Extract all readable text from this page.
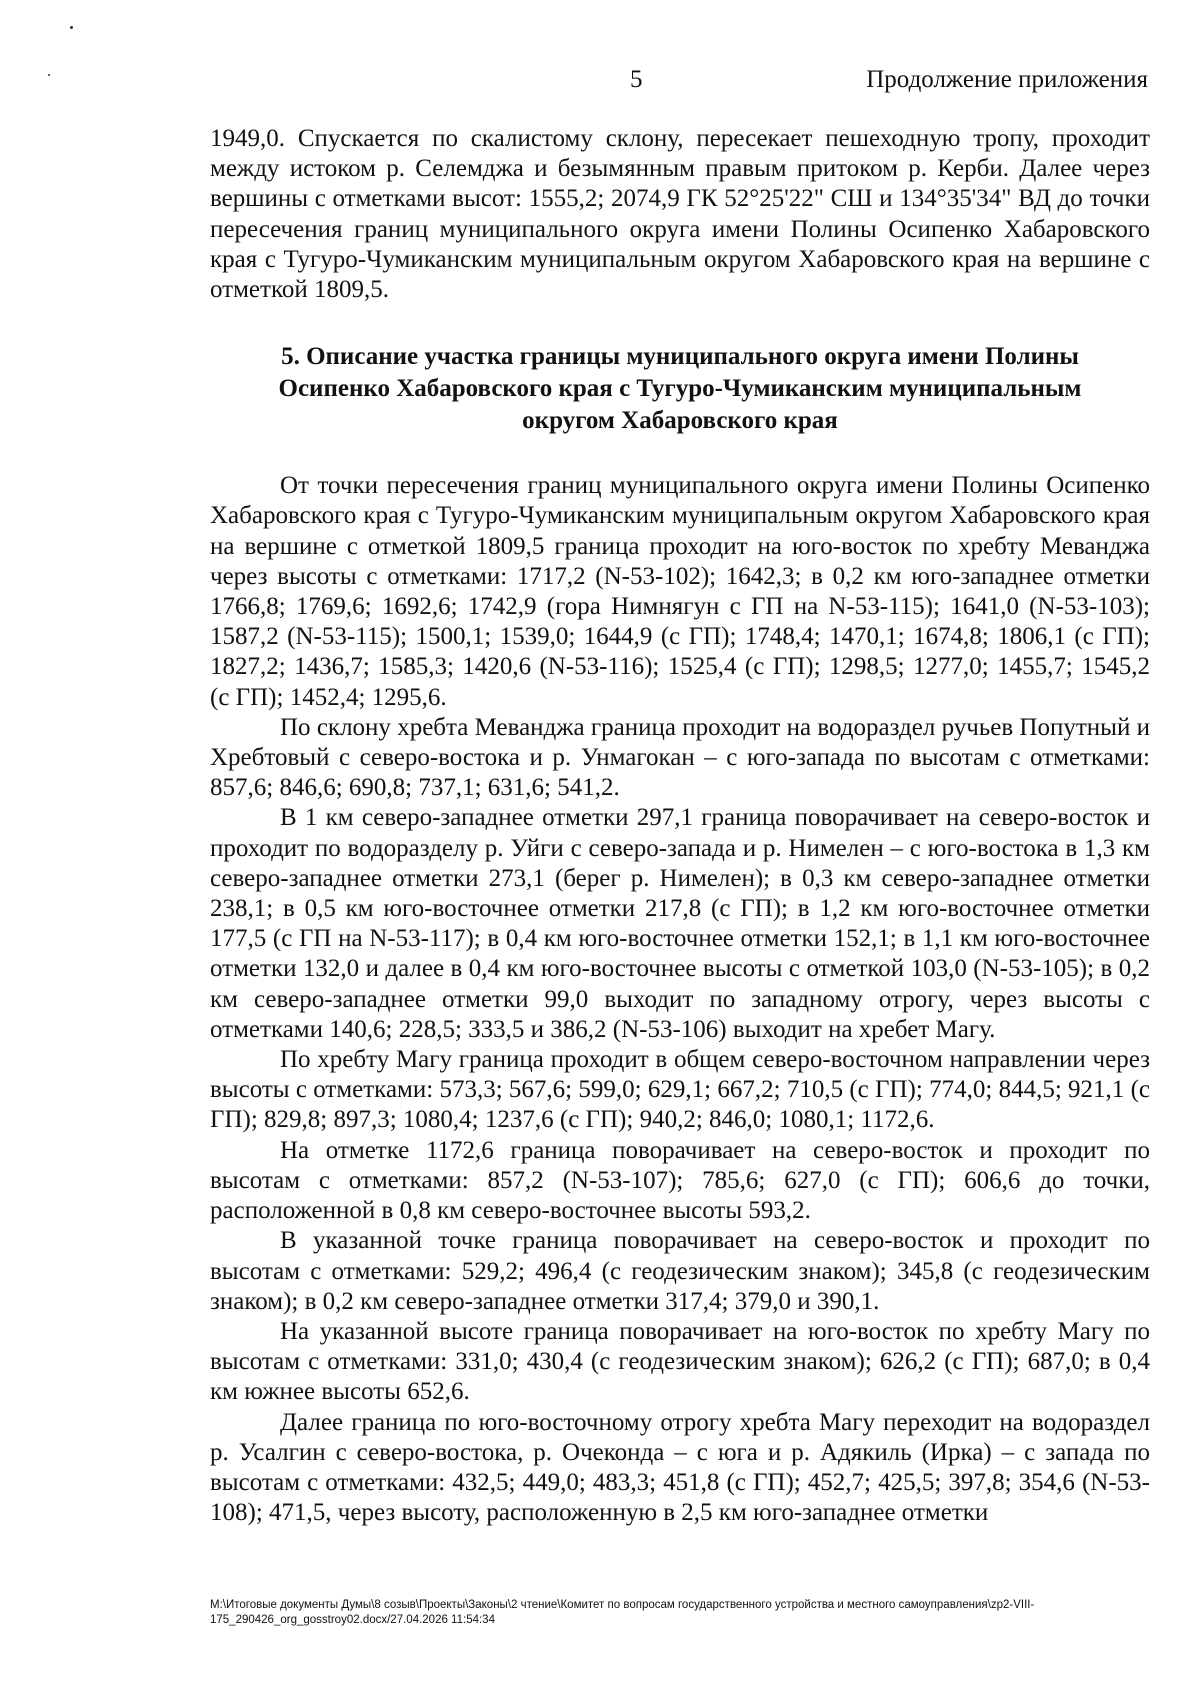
5	Продолжение приложения

1949,0. Спускается по скалистому склону, пересекает пешеходную тропу, проходит между истоком р. Селемджа и безымянным правым притоком р. Керби. Далее через вершины с отметками высот: 1555,2; 2074,9 ГК 52°25'22" СШ и 134°35'34" ВД до точки пересечения границ муниципального округа имени Полины Осипенко Хабаровского края с Тугуро-Чумиканским муниципальным округом Хабаровского края на вершине с отметкой 1809,5.

5. Описание участка границы муниципального округа имени Полины Осипенко Хабаровского края с Тугуро-Чумиканским муниципальным округом Хабаровского края

От точки пересечения границ муниципального округа имени Полины Осипенко Хабаровского края с Тугуро-Чумиканским муниципальным округом Хабаровского края на вершине с отметкой 1809,5 граница проходит на юго-восток по хребту Меванджа через высоты с отметками: 1717,2 (N-53-102); 1642,3; в 0,2 км юго-западнее отметки 1766,8; 1769,6; 1692,6; 1742,9 (гора Нимнягун с ГП на N-53-115); 1641,0 (N-53-103); 1587,2 (N-53-115); 1500,1; 1539,0; 1644,9 (с ГП); 1748,4; 1470,1; 1674,8; 1806,1 (с ГП); 1827,2; 1436,7; 1585,3; 1420,6 (N-53-116); 1525,4 (с ГП); 1298,5; 1277,0; 1455,7; 1545,2 (с ГП); 1452,4; 1295,6.

По склону хребта Меванджа граница проходит на водораздел ручьев Попутный и Хребтовый с северо-востока и р. Унмагокан – с юго-запада по высотам с отметками: 857,6; 846,6; 690,8; 737,1; 631,6; 541,2.

В 1 км северо-западнее отметки 297,1 граница поворачивает на северо-восток и проходит по водоразделу р. Уйги с северо-запада и р. Нимелен – с юго-востока в 1,3 км северо-западнее отметки 273,1 (берег р. Нимелен); в 0,3 км северо-западнее отметки 238,1; в 0,5 км юго-восточнее отметки 217,8 (с ГП); в 1,2 км юго-восточнее отметки 177,5 (с ГП на N-53-117); в 0,4 км юго-восточнее отметки 152,1; в 1,1 км юго-восточнее отметки 132,0 и далее в 0,4 км юго-восточнее высоты с отметкой 103,0 (N-53-105); в 0,2 км северо-западнее отметки 99,0 выходит по западному отрогу, через высоты с отметками 140,6; 228,5; 333,5 и 386,2 (N-53-106) выходит на хребет Магу.

По хребту Магу граница проходит в общем северо-восточном направлении через высоты с отметками: 573,3; 567,6; 599,0; 629,1; 667,2; 710,5 (с ГП); 774,0; 844,5; 921,1 (с ГП); 829,8; 897,3; 1080,4; 1237,6 (с ГП); 940,2; 846,0; 1080,1; 1172,6.

На отметке 1172,6 граница поворачивает на северо-восток и проходит по высотам с отметками: 857,2 (N-53-107); 785,6; 627,0 (с ГП); 606,6 до точки, расположенной в 0,8 км северо-восточнее высоты 593,2.

В указанной точке граница поворачивает на северо-восток и проходит по высотам с отметками: 529,2; 496,4 (с геодезическим знаком); 345,8 (с геодезическим знаком); в 0,2 км северо-западнее отметки 317,4; 379,0 и 390,1.

На указанной высоте граница поворачивает на юго-восток по хребту Магу по высотам с отметками: 331,0; 430,4 (с геодезическим знаком); 626,2 (с ГП); 687,0; в 0,4 км южнее высоты 652,6.

Далее граница по юго-восточному отрогу хребта Магу переходит на водораздел р. Усалгин с северо-востока, р. Очеконда – с юга и р. Адякиль (Ирка) – с запада по высотам с отметками: 432,5; 449,0; 483,3; 451,8 (с ГП); 452,7; 425,5; 397,8; 354,6 (N-53-108); 471,5, через высоту, расположенную в 2,5 км юго-западнее отметки

M:\Итоговые документы Думы\8 созыв\Проекты\Законы\2 чтение\Комитет по вопросам государственного устройства и местного самоуправления\zp2-VIII-175_290426_org_gosstroy02.docx/27.04.2026 11:54:34
